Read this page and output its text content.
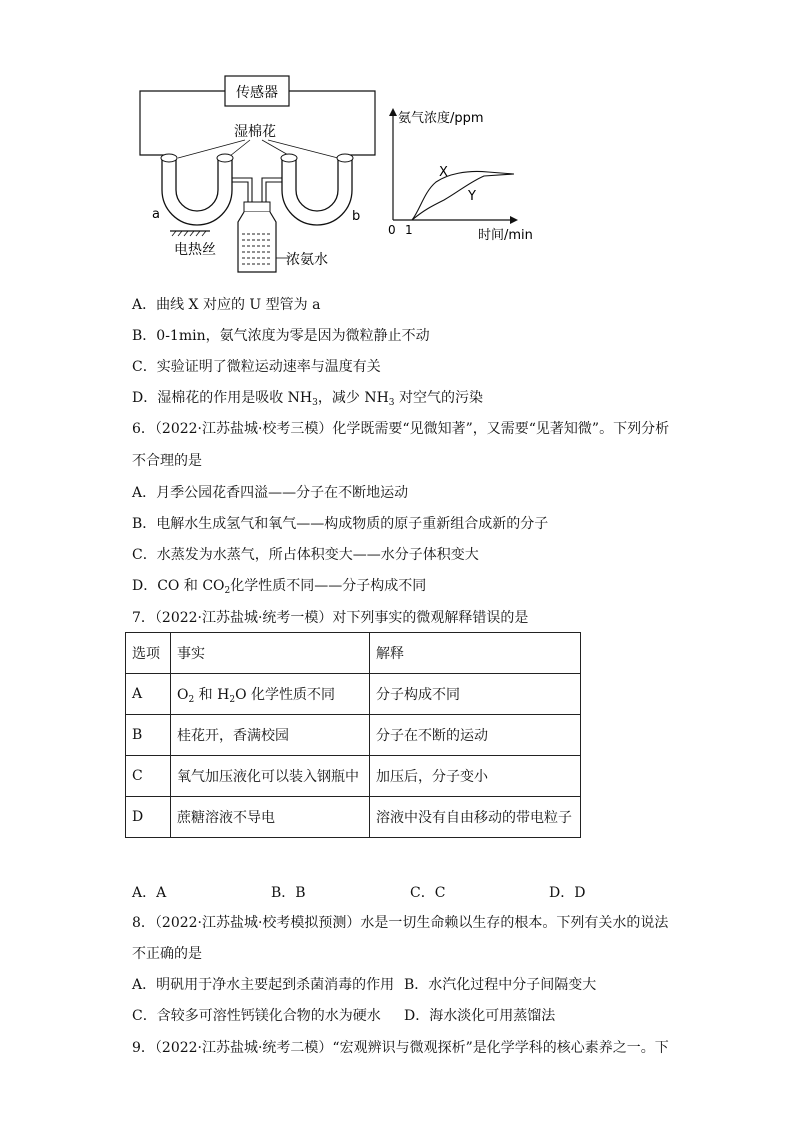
传感器
湿棉花
浓氨水
电热丝
a	b
氨气浓度/ppm
时间/min
0 1
X
Y
A．曲线 X 对应的 U 型管为 a
B．0-1min，氨气浓度为零是因为微粒静止不动
C．实验证明了微粒运动速率与温度有关
D．湿棉花的作用是吸收 $NH_3$，减少 $NH_3$ 对空气的污染
6．（2022·江苏盐城·校考三模）化学既需要“见微知著”，又需要“见著知微”。下列分析
不合理的是
A．月季公园花香四溢——分子在不断地运动
B．电解水生成氢气和氧气——构成物质的原子重新组合成新的分子
C．水蒸发为水蒸气，所占体积变大——水分子体积变大
D．CO 和 $CO_2$化学性质不同——分子构成不同
7．（2022·江苏盐城·统考一模）对下列事实的微观解释错误的是
选项	事实	解释
A	$O_2$ 和 $H_2O$ 化学性质不同	分子构成不同
B	桂花开，香满校园	分子在不断的运动
C	氧气加压液化可以装入钢瓶中	加压后，分子变小
D	蔗糖溶液不导电	溶液中没有自由移动的带电粒子
A．A	B．B	C．C	D．D
8．（2022·江苏盐城·校考模拟预测）水是一切生命赖以生存的根本。下列有关水的说法
不正确的是
A．明矾用于净水主要起到杀菌消毒的作用 B．水汽化过程中分子间隔变大
C．含较多可溶性钙镁化合物的水为硬水 D．海水淡化可用蒸馏法
9．（2022·江苏盐城·统考二模）“宏观辨识与微观探析”是化学学科的核心素养之一。下
